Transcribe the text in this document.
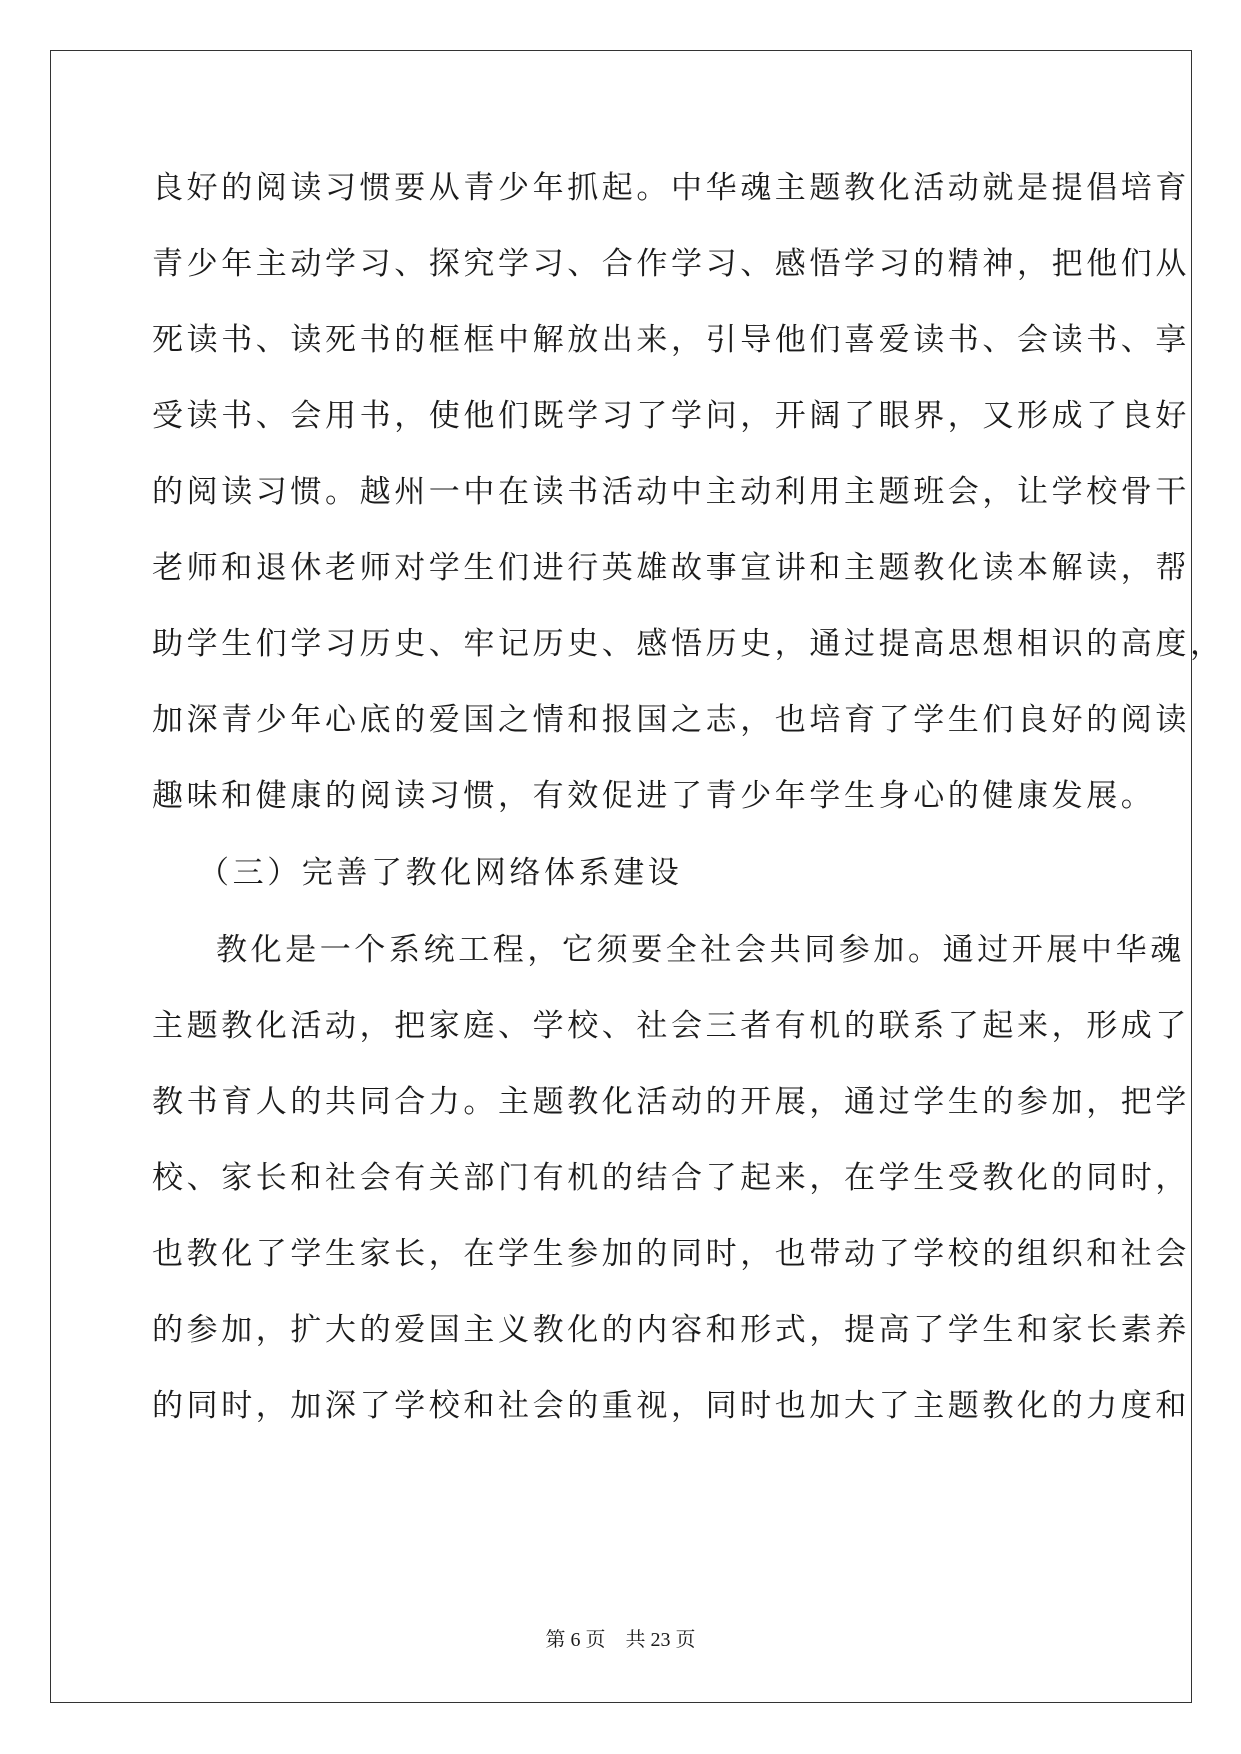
良好的阅读习惯要从青少年抓起。中华魂主题教化活动就是提倡培育
青少年主动学习、探究学习、合作学习、感悟学习的精神，把他们从
死读书、读死书的框框中解放出来，引导他们喜爱读书、会读书、享
受读书、会用书，使他们既学习了学问，开阔了眼界，又形成了良好
的阅读习惯。越州一中在读书活动中主动利用主题班会，让学校骨干
老师和退休老师对学生们进行英雄故事宣讲和主题教化读本解读，帮
助学生们学习历史、牢记历史、感悟历史，通过提高思想相识的高度，
加深青少年心底的爱国之情和报国之志，也培育了学生们良好的阅读
趣味和健康的阅读习惯，有效促进了青少年学生身心的健康发展。
（三）完善了教化网络体系建设
教化是一个系统工程，它须要全社会共同参加。通过开展中华魂
主题教化活动，把家庭、学校、社会三者有机的联系了起来，形成了
教书育人的共同合力。主题教化活动的开展，通过学生的参加，把学
校、家长和社会有关部门有机的结合了起来，在学生受教化的同时，
也教化了学生家长，在学生参加的同时，也带动了学校的组织和社会
的参加，扩大的爱国主义教化的内容和形式，提高了学生和家长素养
的同时，加深了学校和社会的重视，同时也加大了主题教化的力度和
第 6 页    共 23 页
